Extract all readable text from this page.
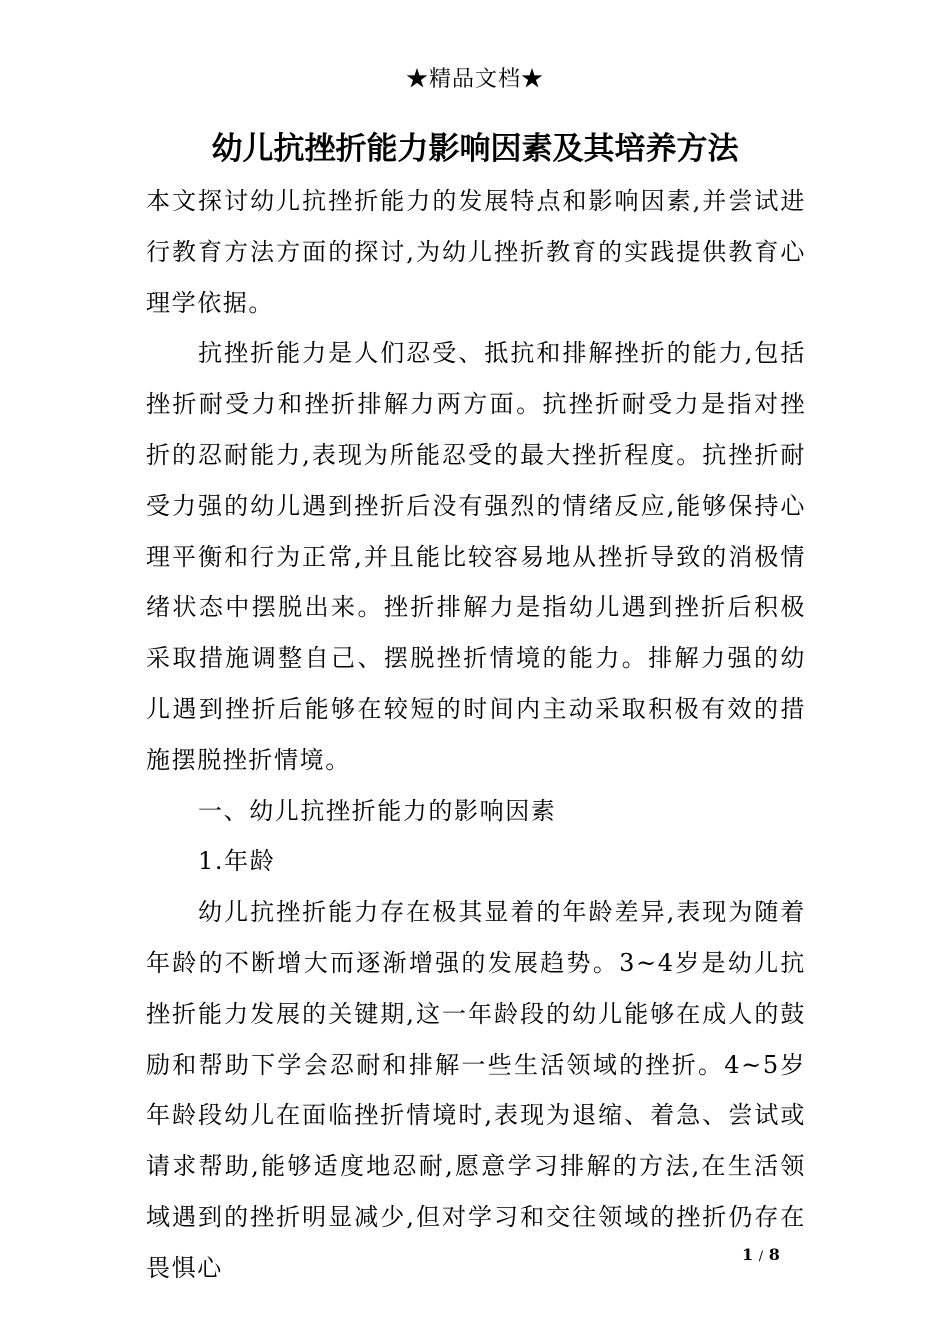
★精品文档★
幼儿抗挫折能力影响因素及其培养方法

本文探讨幼儿抗挫折能力的发展特点和影响因素,并尝试进行教育方法方面的探讨,为幼儿挫折教育的实践提供教育心理学依据。

抗挫折能力是人们忍受、抵抗和排解挫折的能力,包括挫折耐受力和挫折排解力两方面。抗挫折耐受力是指对挫折的忍耐能力,表现为所能忍受的最大挫折程度。抗挫折耐受力强的幼儿遇到挫折后没有强烈的情绪反应,能够保持心理平衡和行为正常,并且能比较容易地从挫折导致的消极情绪状态中摆脱出来。挫折排解力是指幼儿遇到挫折后积极采取措施调整自己、摆脱挫折情境的能力。排解力强的幼儿遇到挫折后能够在较短的时间内主动采取积极有效的措施摆脱挫折情境。

一、幼儿抗挫折能力的影响因素

1.年龄

幼儿抗挫折能力存在极其显着的年龄差异,表现为随着年龄的不断增大而逐渐增强的发展趋势。3~4岁是幼儿抗挫折能力发展的关键期,这一年龄段的幼儿能够在成人的鼓励和帮助下学会忍耐和排解一些生活领域的挫折。4~5岁年龄段幼儿在面临挫折情境时,表现为退缩、着急、尝试或请求帮助,能够适度地忍耐,愿意学习排解的方法,在生活领域遇到的挫折明显减少,但对学习和交往领域的挫折仍存在畏惧心	1 / 8
